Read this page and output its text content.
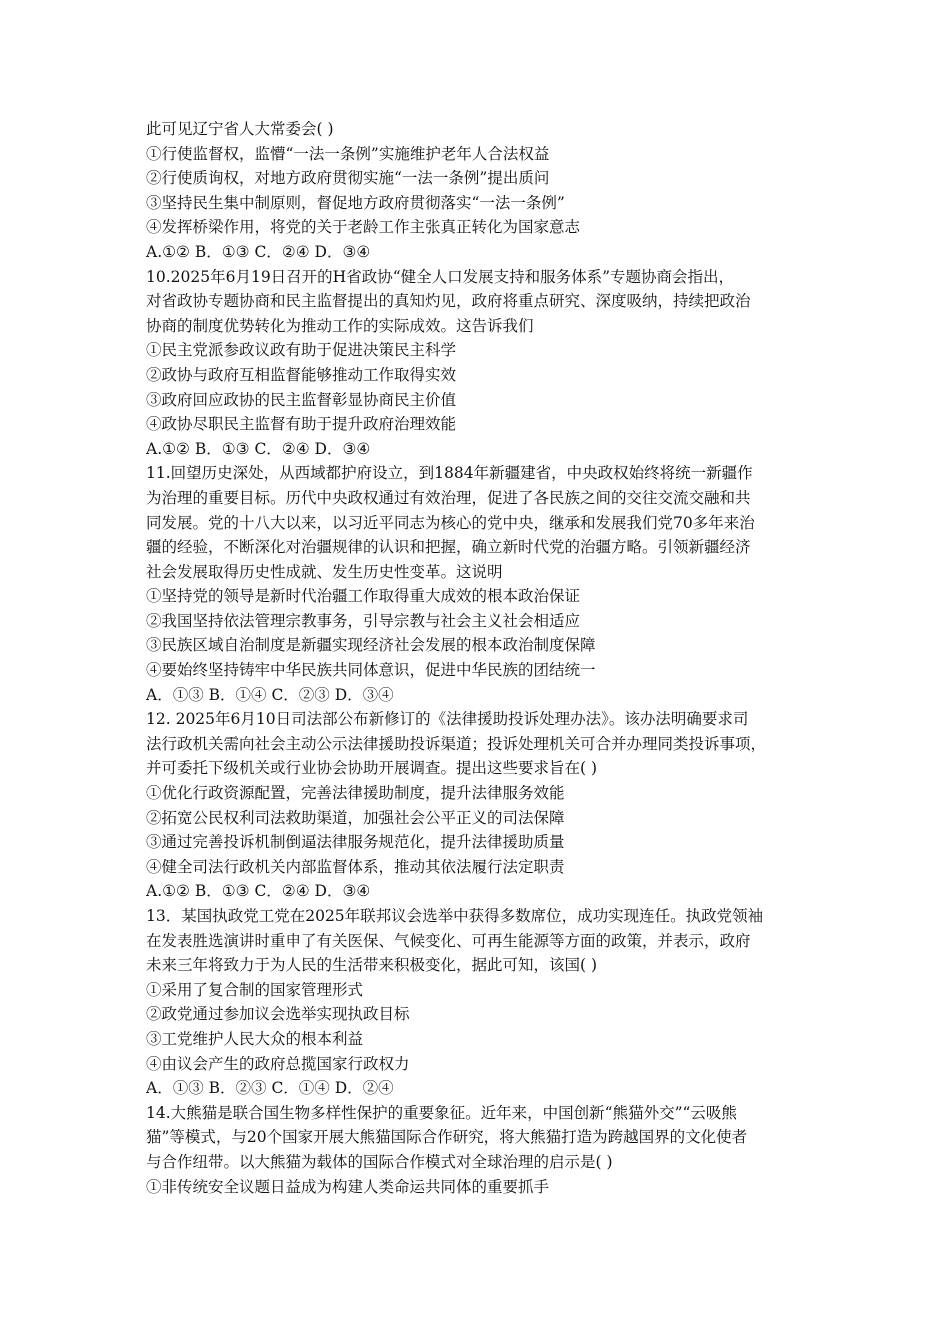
此可见辽宁省人大常委会( )
①行使监督权，监懵“一法一条例”实施维护老年人合法权益
②行使质询权，对地方政府贯彻实施“一法一条例”提出质问
③坚持民生集中制原则，督促地方政府贯彻落实“一法一条例”
④发挥桥梁作用，将党的关于老龄工作主张真正转化为国家意志
A.①② B．①③ C．②④ D．③④
10.2025年6月19日召开的H省政协“健全人口发展支持和服务体系”专题协商会指出，
对省政协专题协商和民主监督提出的真知灼见，政府将重点研究、深度吸纳，持续把政治
协商的制度优势转化为推动工作的实际成效。这告诉我们
①民主党派参政议政有助于促进决策民主科学
②政协与政府互相监督能够推动工作取得实效
③政府回应政协的民主监督彰显协商民主价值
④政协尽职民主监督有助于提升政府治理效能
A.①② B．①③ C．②④ D．③④
11.回望历史深处，从西域都护府设立，到1884年新疆建省，中央政权始终将统一新疆作
为治理的重要目标。历代中央政权通过有效治理，促进了各民族之间的交往交流交融和共
同发展。党的十八大以来，以习近平同志为核心的党中央，继承和发展我们党70多年来治
疆的经验，不断深化对治疆规律的认识和把握，确立新时代党的治疆方略。引领新疆经济
社会发展取得历史性成就、发生历史性变革。这说明
①坚持党的领导是新时代治疆工作取得重大成效的根本政治保证
②我国坚持依法管理宗教事务，引导宗教与社会主义社会相适应
③民族区域自治制度是新疆实现经济社会发展的根本政治制度保障
④要始终坚持铸牢中华民族共同体意识，促进中华民族的团结统一
A．①③ B．①④ C．②③ D．③④
12. 2025年6月10日司法部公布新修订的《法律援助投诉处理办法》。该办法明确要求司
法行政机关需向社会主动公示法律援助投诉渠道；投诉处理机关可合并办理同类投诉事项，
并可委托下级机关或行业协会协助开展调查。提出这些要求旨在( )
①优化行政资源配置，完善法律援助制度，提升法律服务效能
②拓宽公民权利司法救助渠道，加强社会公平正义的司法保障
③通过完善投诉机制倒逼法律服务规范化，提升法律援助质量
④健全司法行政机关内部监督体系，推动其依法履行法定职责
A.①② B．①③ C．②④ D．③④
13．某国执政党工党在2025年联邦议会选举中获得多数席位，成功实现连任。执政党领袖
在发表胜选演讲时重申了有关医保、气候变化、可再生能源等方面的政策，并表示，政府
未来三年将致力于为人民的生活带来积极变化，据此可知，该国( )
①采用了复合制的国家管理形式
②政党通过参加议会选举实现执政目标
③工党维护人民大众的根本利益
④由议会产生的政府总揽国家行政权力
A．①③ B．②③ C．①④ D．②④
14.大熊猫是联合国生物多样性保护的重要象征。近年来，中国创新“熊猫外交”“云吸熊
猫”等模式，与20个国家开展大熊猫国际合作研究，将大熊猫打造为跨越国界的文化使者
与合作纽带。以大熊猫为载体的国际合作模式对全球治理的启示是( )
①非传统安全议题日益成为构建人类命运共同体的重要抓手
